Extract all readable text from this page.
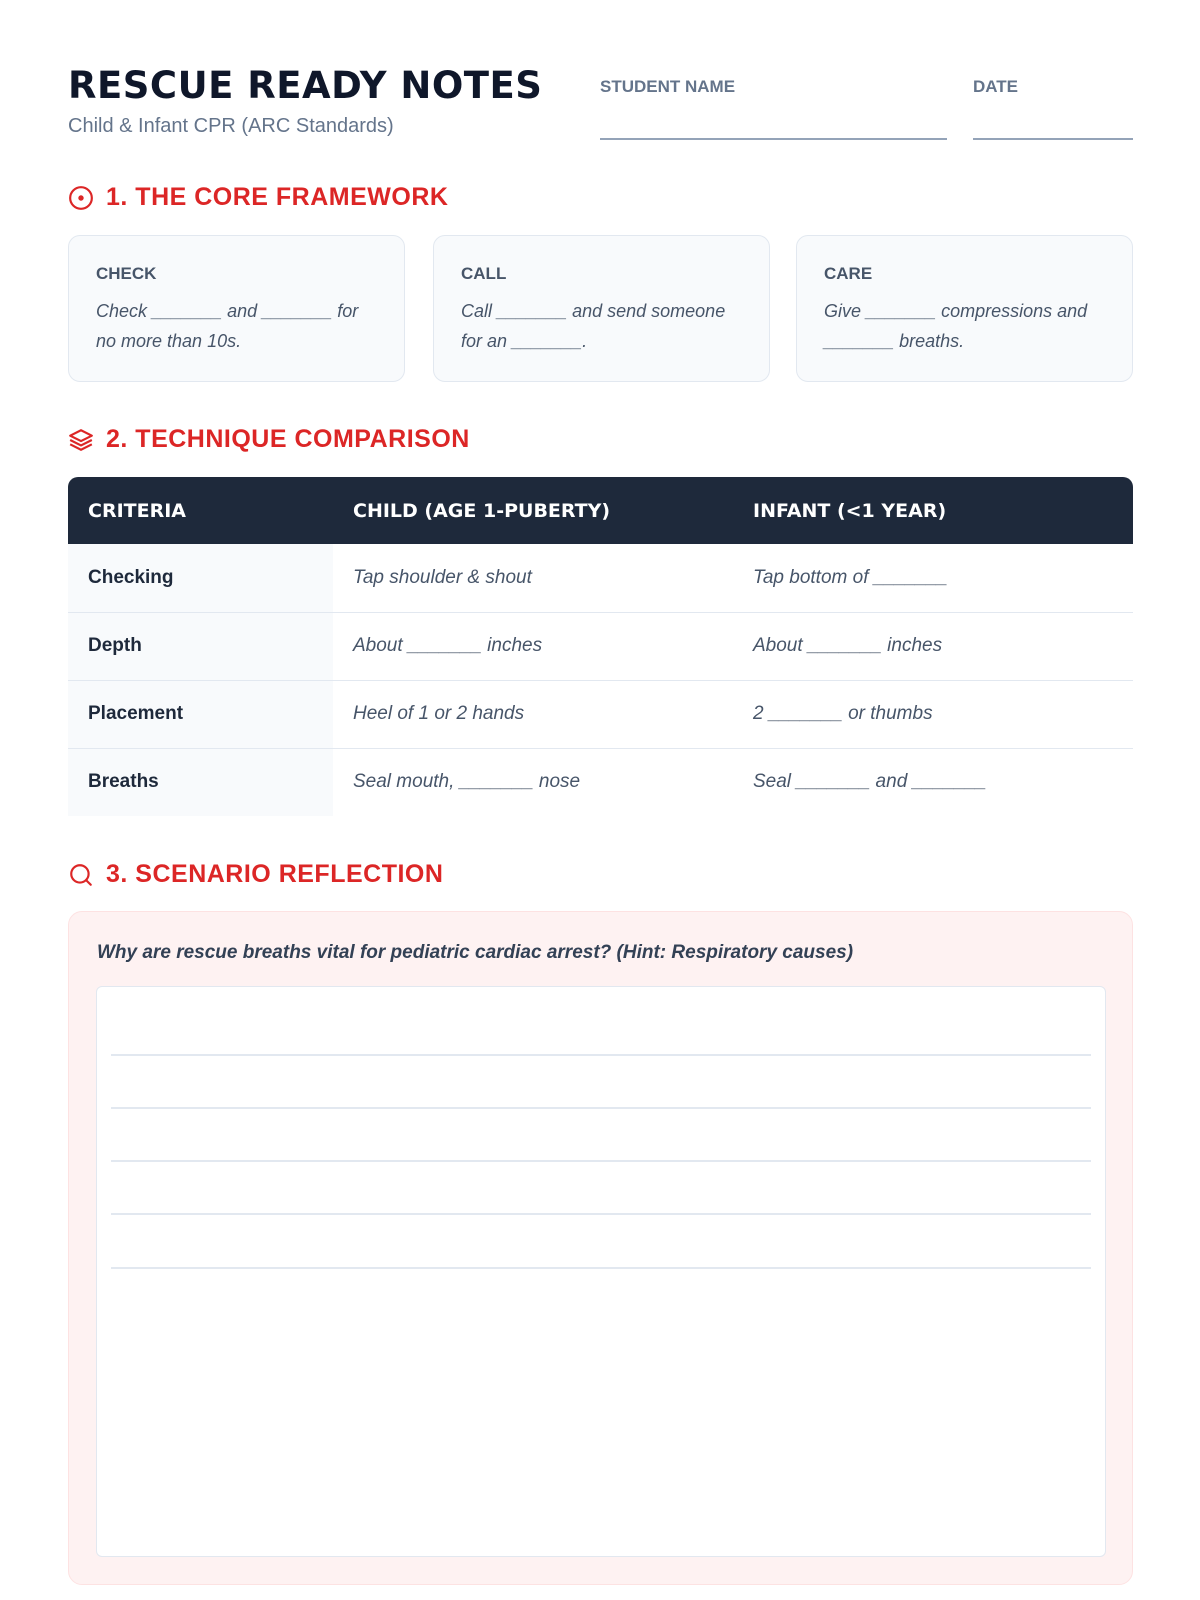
RESCUE READY NOTES
Child & Infant CPR (ARC Standards)
STUDENT NAME	DATE
1. THE CORE FRAMEWORK
CHECK
Check _______ and _______ for no more than 10s.
CALL
Call _______ and send someone for an _______.
CARE
Give _______ compressions and _______ breaths.
2. TECHNIQUE COMPARISON
CRITERIA	CHILD (AGE 1-PUBERTY)	INFANT (<1 YEAR)
Checking	Tap shoulder & shout	Tap bottom of _______
Depth	About _______ inches	About _______ inches
Placement	Heel of 1 or 2 hands	2 _______ or thumbs
Breaths	Seal mouth, _______ nose	Seal _______ and _______
3. SCENARIO REFLECTION
Why are rescue breaths vital for pediatric cardiac arrest? (Hint: Respiratory causes)
